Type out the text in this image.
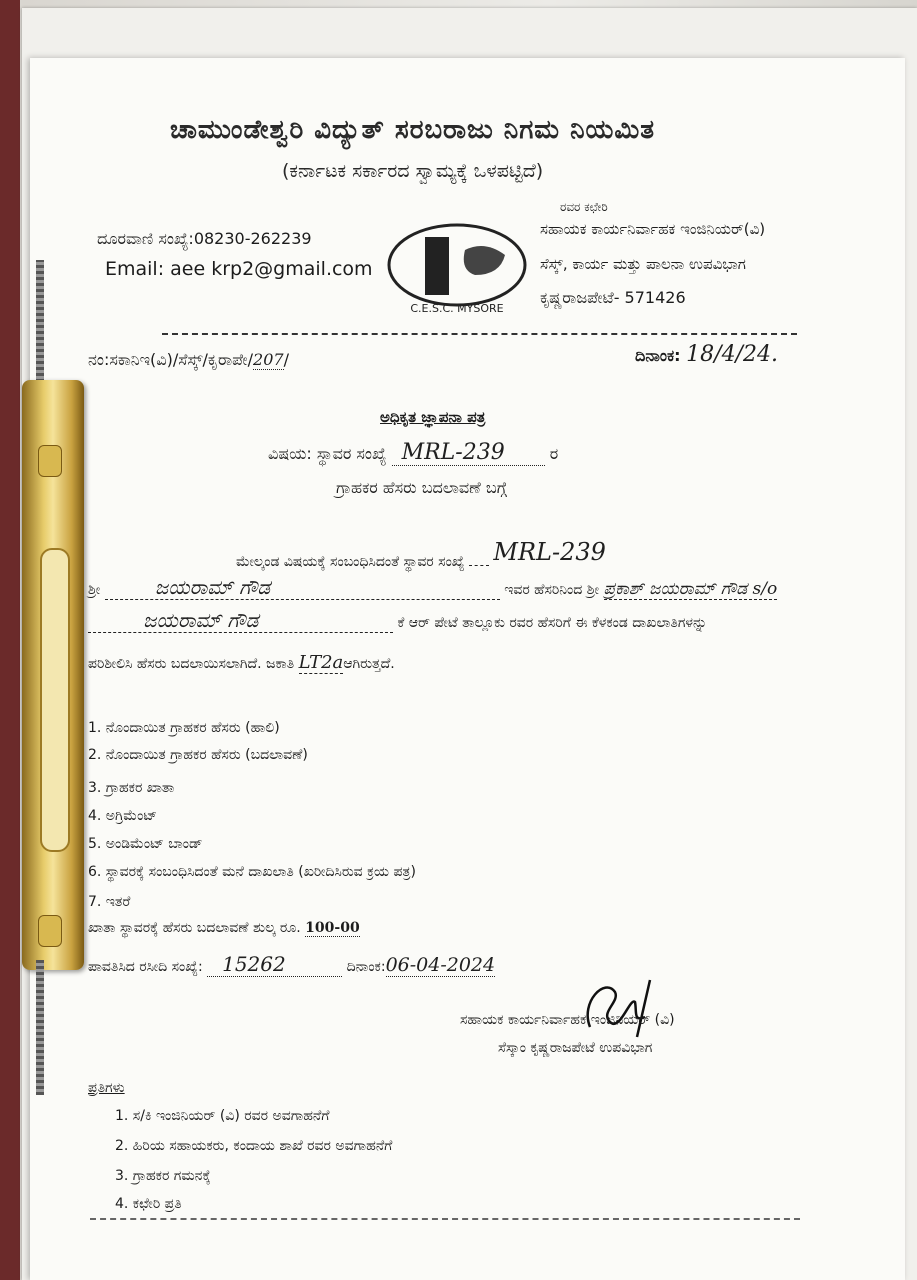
ಚಾಮುಂಡೇಶ್ವರಿ ವಿದ್ಯುತ್ ಸರಬರಾಜು ನಿಗಮ ನಿಯಮಿತ
(ಕರ್ನಾಟಕ ಸರ್ಕಾರದ ಸ್ವಾಮ್ಯಕ್ಕೆ ಒಳಪಟ್ಟಿದೆ)
ದೂರವಾಣಿ ಸಂಖ್ಯೆ:08230-262239
Email: aee krp2@gmail.com
C.E.S.C. MYSORE
ರವರ ಕಛೇರಿ
ಸಹಾಯಕ ಕಾರ್ಯನಿರ್ವಾಹಕ ಇಂಜಿನಿಯರ್(ವಿ)
ಸೆಸ್ಕ್, ಕಾರ್ಯ ಮತ್ತು ಪಾಲನಾ ಉಪವಿಭಾಗ
ಕೃಷ್ಣರಾಜಪೇಟೆ- 571426
ನಂ:ಸಕಾನಿಇ(ವಿ)/ಸೆಸ್ಕ್/ಕೃರಾಪೇ/207/	ದಿನಾಂಕ: 18/4/24.
ಅಧಿಕೃತ ಜ್ಞಾಪನಾ ಪತ್ರ
ವಿಷಯ: ಸ್ಥಾವರ ಸಂಖ್ಯೆ MRL-239	ರ
ಗ್ರಾಹಕರ ಹೆಸರು ಬದಲಾವಣೆ ಬಗ್ಗೆ
ಮೇಲ್ಕಂಡ ವಿಷಯಕ್ಕೆ ಸಂಬಂಧಿಸಿದಂತೆ ಸ್ಥಾವರ ಸಂಖ್ಯೆ MRL-239
ಶ್ರೀ	ಜಯರಾಮ್ ಗೌಡ	ಇವರ ಹೆಸರಿನಿಂದ ಶ್ರೀ ಪ್ರಕಾಶ್ ಜಯರಾಮ್ ಗೌಡ s/o
ಜಯರಾಮ್ ಗೌಡ	ಕೆ ಆರ್ ಪೇಟೆ ತಾಲ್ಲೂಕು ರವರ ಹೆಸರಿಗೆ ಈ ಕೆಳಕಂಡ ದಾಖಲಾತಿಗಳನ್ನು
ಪರಿಶೀಲಿಸಿ ಹೆಸರು ಬದಲಾಯಿಸಲಾಗಿದೆ. ಜಕಾತಿ LT2aಆಗಿರುತ್ತದೆ.
1. ನೊಂದಾಯಿತ ಗ್ರಾಹಕರ ಹೆಸರು (ಹಾಲಿ)
2. ನೊಂದಾಯಿತ ಗ್ರಾಹಕರ ಹೆಸರು (ಬದಲಾವಣೆ)
3. ಗ್ರಾಹಕರ ಖಾತಾ
4. ಅಗ್ರಿಮೆಂಟ್
5. ಅಂಡಿಮೆಂಟ್ ಬಾಂಡ್
6. ಸ್ಥಾವರಕ್ಕೆ ಸಂಬಂಧಿಸಿದಂತೆ ಮನೆ ದಾಖಲಾತಿ (ಖರೀದಿಸಿರುವ ಕ್ರಯ ಪತ್ರ)
7. ಇತರೆ
ಖಾತಾ ಸ್ಥಾವರಕ್ಕೆ ಹೆಸರು ಬದಲಾವಣೆ ಶುಲ್ಕ ರೂ. 100-00
ಪಾವತಿಸಿದ ರಸೀದಿ ಸಂಖ್ಯೆ: 15262	ದಿನಾಂಕ:06-04-2024
ಸಹಾಯಕ ಕಾರ್ಯನಿರ್ವಾಹಕ ಇಂಜಿನಿಯರ್ (ವಿ)
ಸೆಸ್ಕಾಂ ಕೃಷ್ಣರಾಜಪೇಟೆ ಉಪವಿಭಾಗ
ಪ್ರತಿಗಳು
1. ಸ/ಕಿ ಇಂಜಿನಿಯರ್ (ವಿ) ರವರ ಅವಗಾಹನೆಗೆ
2. ಹಿರಿಯ ಸಹಾಯಕರು, ಕಂದಾಯ ಶಾಖೆ ರವರ ಅವಗಾಹನೆಗೆ
3. ಗ್ರಾಹಕರ ಗಮನಕ್ಕೆ
4. ಕಛೇರಿ ಪ್ರತಿ
